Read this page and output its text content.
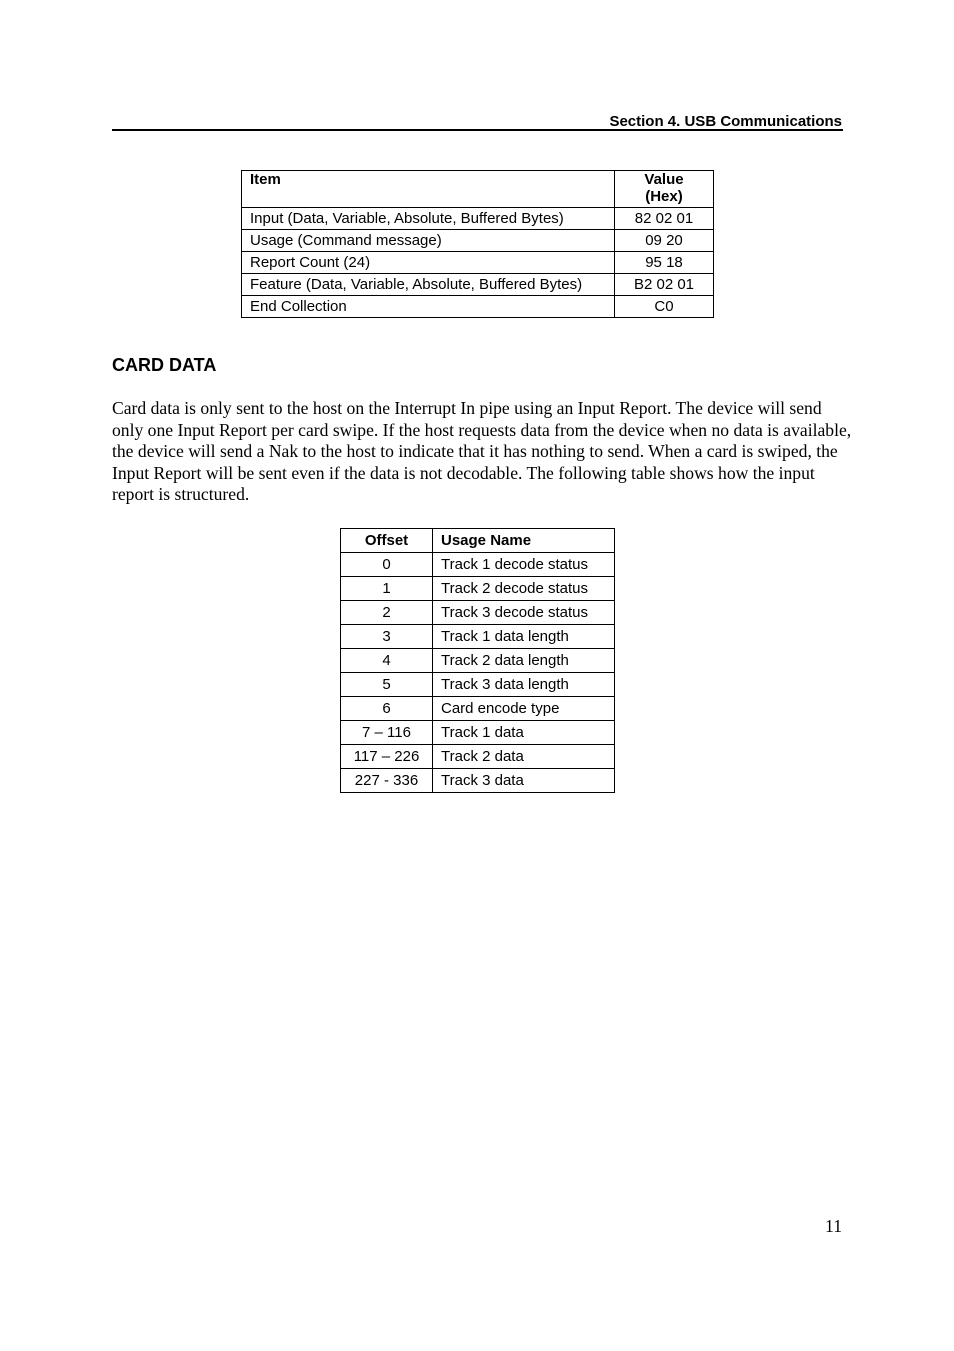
Section 4. USB Communications
Item	Value
(Hex)
Input (Data, Variable, Absolute, Buffered Bytes)	82 02 01
Usage (Command message)	09 20
Report Count (24)	95 18
Feature (Data, Variable, Absolute, Buffered Bytes)	B2 02 01
End Collection	C0
CARD DATA

Card data is only sent to the host on the Interrupt In pipe using an Input Report. The device will send only one Input Report per card swipe. If the host requests data from the device when no data is available, the device will send a Nak to the host to indicate that it has nothing to send. When a card is swiped, the Input Report will be sent even if the data is not decodable. The following table shows how the input report is structured.

Offset	Usage Name
0	Track 1 decode status
1	Track 2 decode status
2	Track 3 decode status
3	Track 1 data length
4	Track 2 data length
5	Track 3 data length
6	Card encode type
7 – 116	Track 1 data
117 – 226	Track 2 data
227 - 336	Track 3 data
11
